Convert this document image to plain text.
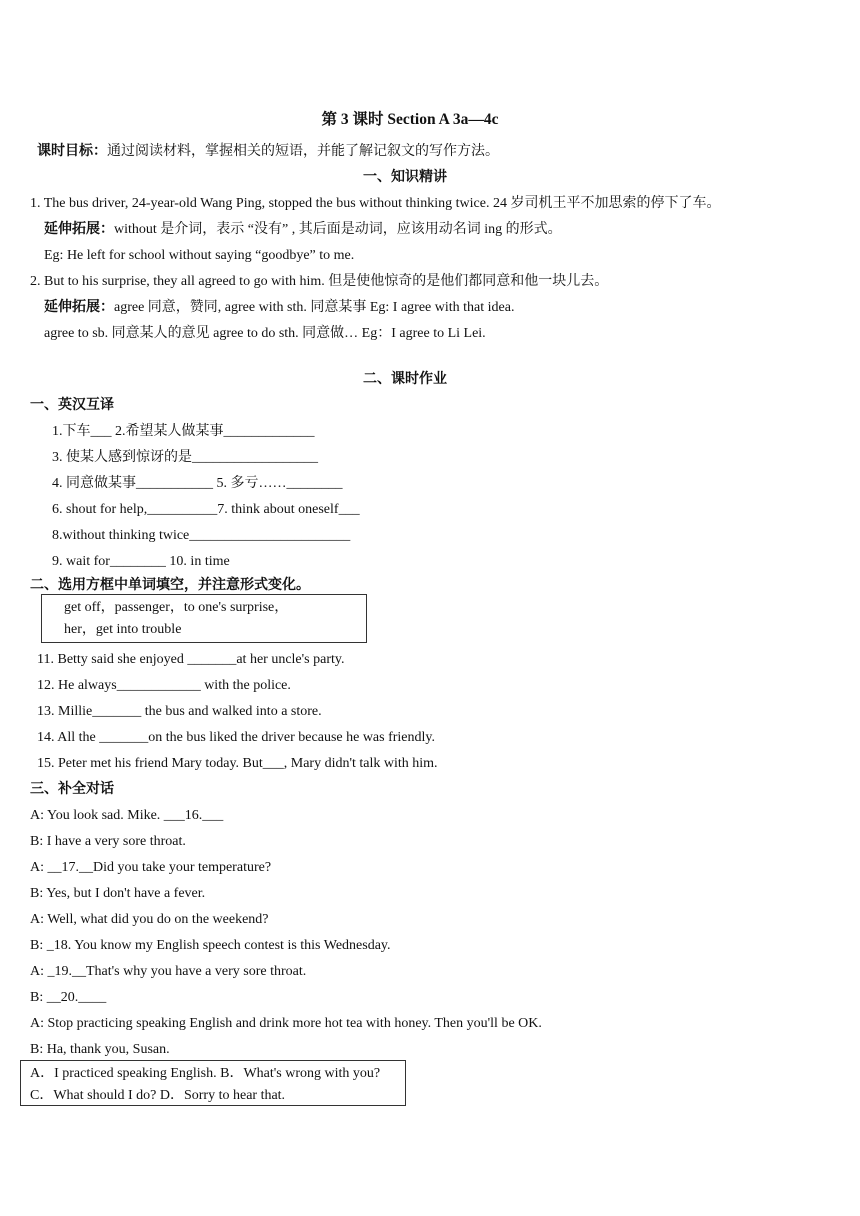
第 3 课时 Section A 3a—4c
课时目标：通过阅读材料，掌握相关的短语，并能了解记叙文的写作方法。
一、知识精讲
1. The bus driver, 24-year-old Wang Ping, stopped the bus without thinking twice. 24 岁司机王平不加思索的停下了车。
延伸拓展：without 是介词，表示 “没有” , 其后面是动词，应该用动名词 ing 的形式。
Eg: He left for school without saying “goodbye” to me.
2. But to his surprise, they all agreed to go with him. 但是使他惊奇的是他们都同意和他一块儿去。
延伸拓展：agree 同意，赞同, agree with sth. 同意某事 Eg: I agree with that idea.
agree to sb. 同意某人的意见 agree to do sth. 同意做… Eg：I agree to Li Lei.
二、课时作业
一、英汉互译
1.下车___ 2.希望某人做某事_____________
3. 使某人感到惊讶的是__________________
4. 同意做某事___________ 5. 多亏……________
6. shout for help,__________7. think about oneself___
8.without thinking twice_______________________
9. wait for________ 10. in time
二、选用方框中单词填空，并注意形式变化。
get off，passenger，to one's surprise，
her，get into trouble
11. Betty said she enjoyed _______at her uncle's party.
12. He always____________ with the police.
13. Millie_______ the bus and walked into a store.
14. All the _______on the bus liked the driver because he was friendly.
15. Peter met his friend Mary today. But___, Mary didn't talk with him.
三、补全对话
A: You look sad. Mike. ___16.___
B: I have a very sore throat.
A: __17.__Did you take your temperature?
B: Yes, but I don't have a fever.
A: Well, what did you do on the weekend?
B: _18. You know my English speech contest is this Wednesday.
A: _19.__That's why you have a very sore throat.
B: __20.____
A: Stop practicing speaking English and drink more hot tea with honey. Then you'll be OK.
B: Ha, thank you, Susan.
A．I practiced speaking English. B．What's wrong with you?
C．What should I do? D．Sorry to hear that.
